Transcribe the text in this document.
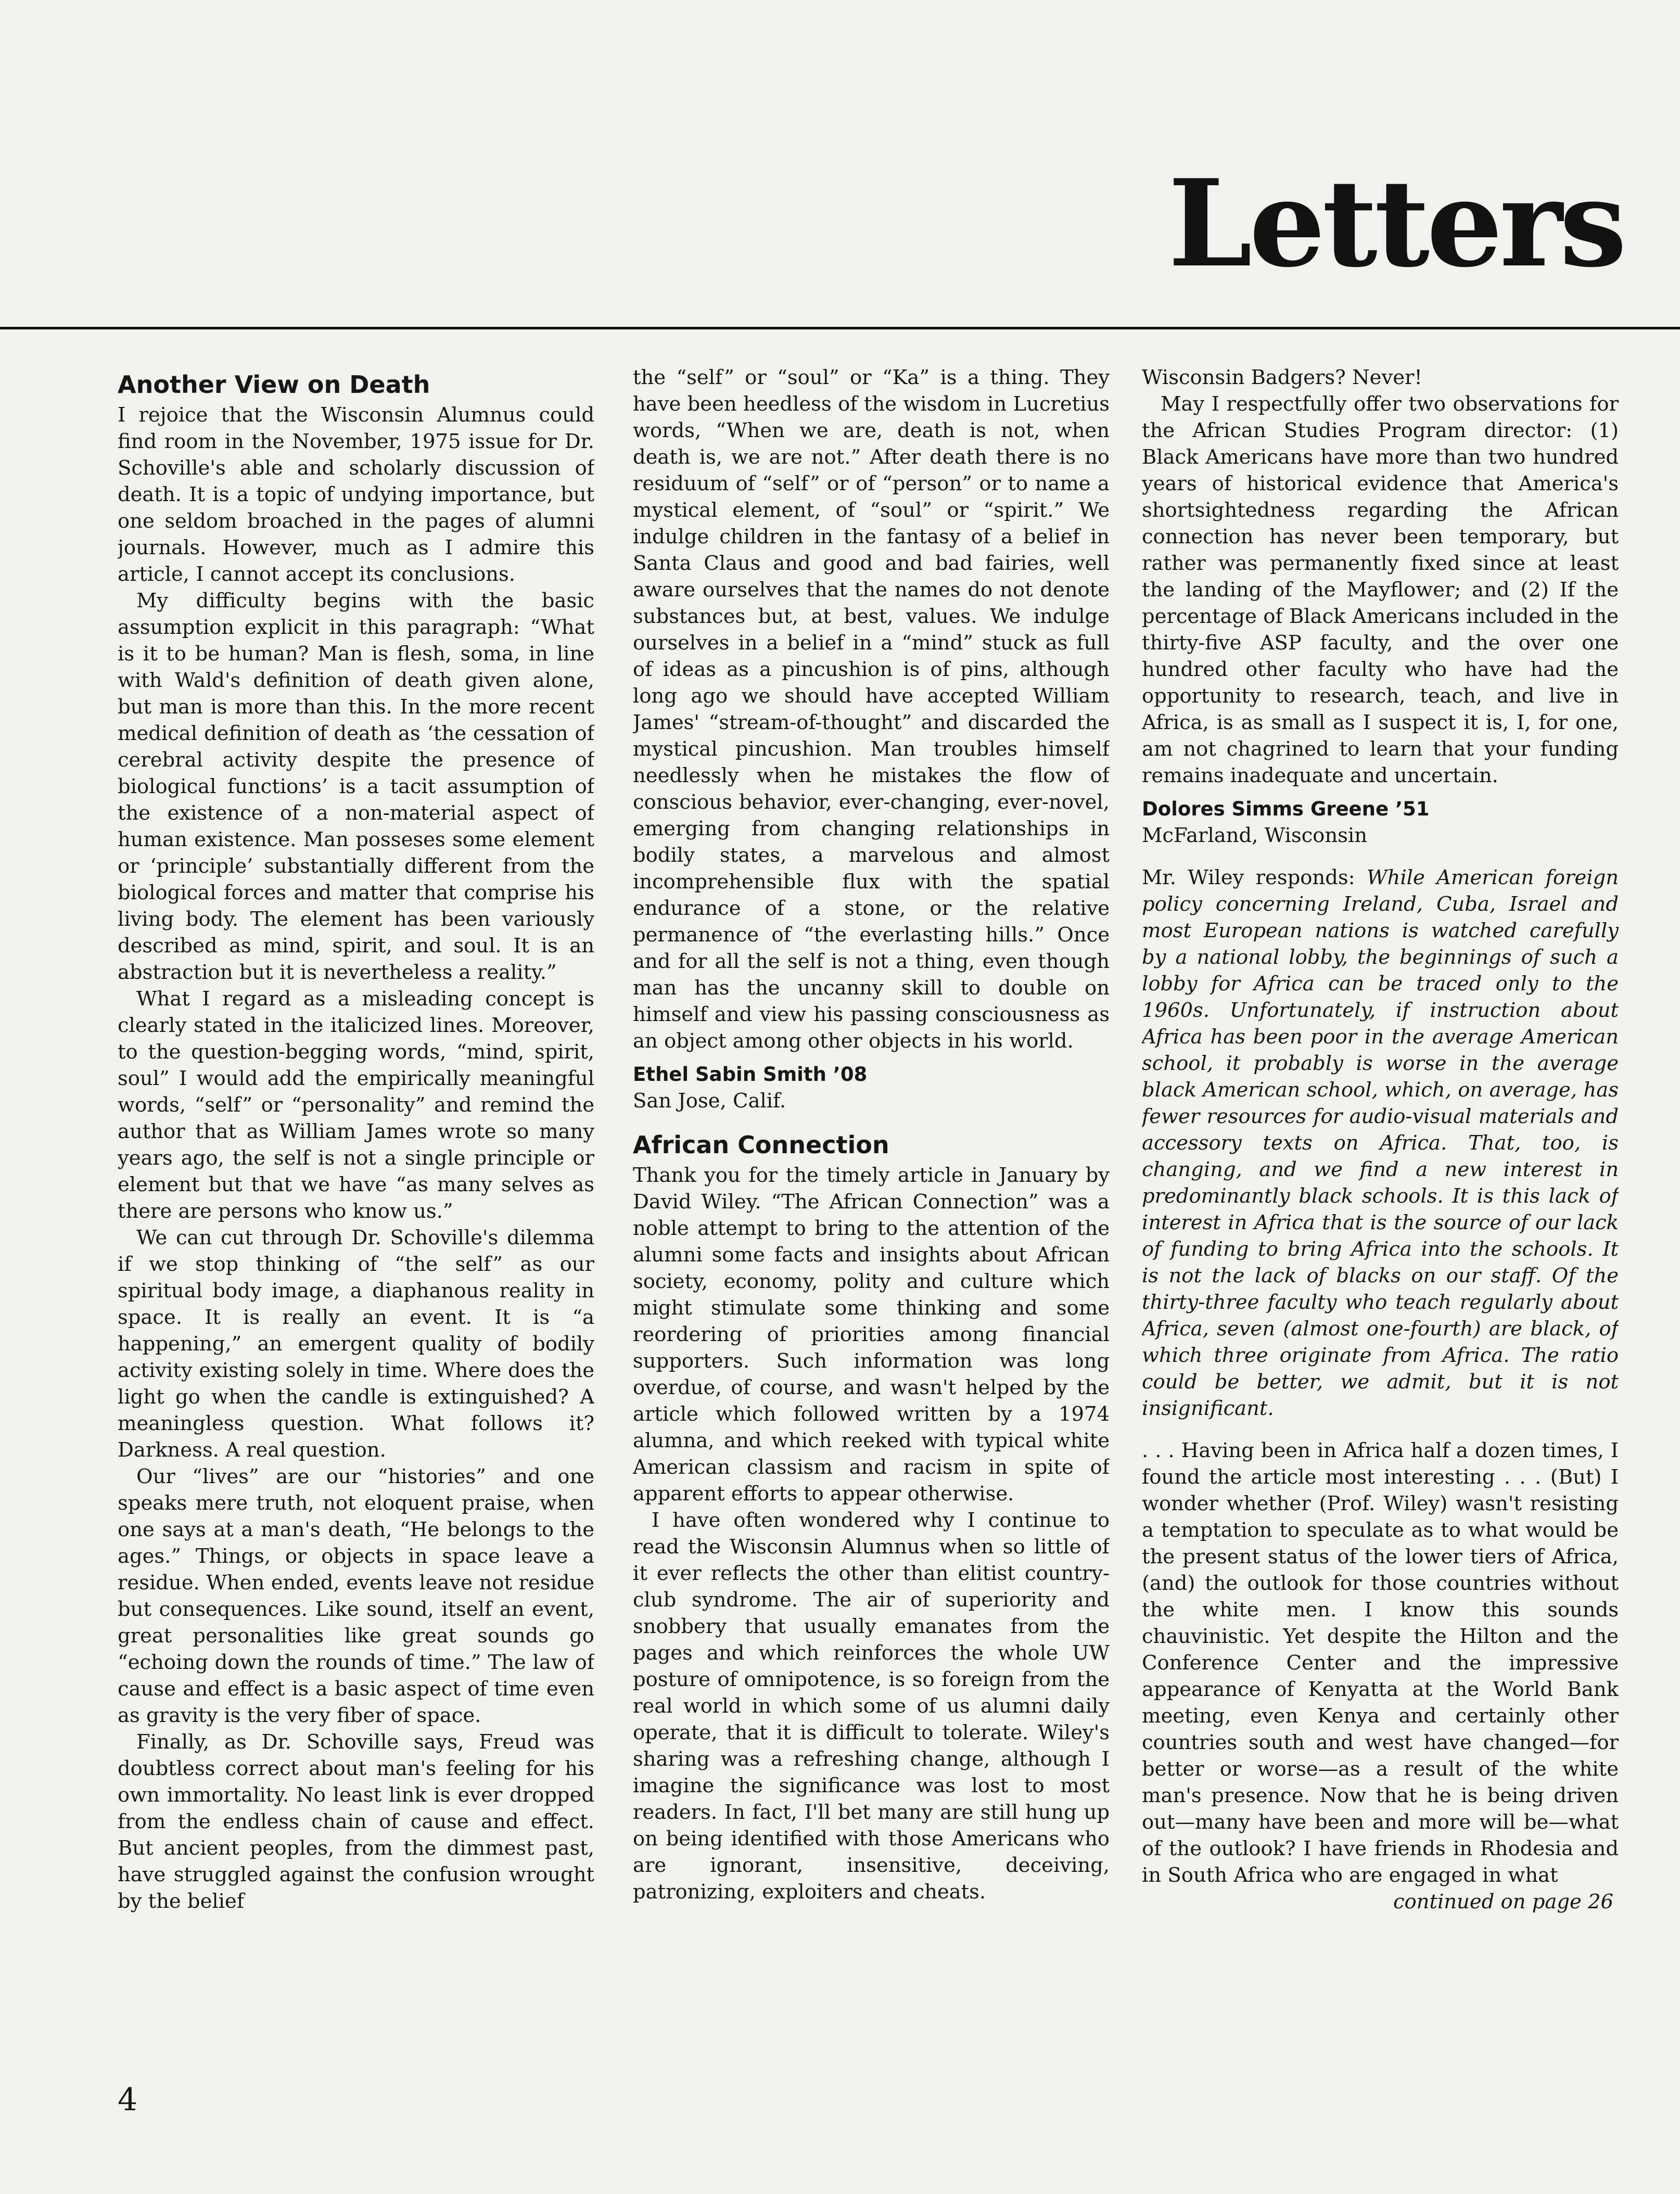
Letters
Another View on Death

I rejoice that the Wisconsin Alumnus could find room in the November, 1975 issue for Dr. Schoville's able and scholarly discussion of death. It is a topic of undying importance, but one seldom broached in the pages of alumni journals. However, much as I admire this article, I cannot accept its conclusions.

My difficulty begins with the basic assumption explicit in this paragraph: “What is it to be human? Man is flesh, soma, in line with Wald's definition of death given alone, but man is more than this. In the more recent medical definition of death as ‘the cessation of cerebral activity despite the presence of biological functions’ is a tacit assumption of the existence of a non-material aspect of human existence. Man posseses some element or ‘principle’ substantially different from the biological forces and matter that comprise his living body. The element has been variously described as mind, spirit, and soul. It is an abstraction but it is nevertheless a reality.”

What I regard as a misleading concept is clearly stated in the italicized lines. Moreover, to the question-begging words, “mind, spirit, soul” I would add the empirically meaningful words, “self” or “personality” and remind the author that as William James wrote so many years ago, the self is not a single principle or element but that we have “as many selves as there are persons who know us.”

We can cut through Dr. Schoville's dilemma if we stop thinking of “the self” as our spiritual body image, a diaphanous reality in space. It is really an event. It is “a happening,” an emergent quality of bodily activity existing solely in time. Where does the light go when the candle is extinguished? A meaningless question. What follows it? Darkness. A real question.

Our “lives” are our “histories” and one speaks mere truth, not eloquent praise, when one says at a man's death, “He belongs to the ages.” Things, or objects in space leave a residue. When ended, events leave not residue but consequences. Like sound, itself an event, great personalities like great sounds go “echoing down the rounds of time.” The law of cause and effect is a basic aspect of time even as gravity is the very fiber of space.

Finally, as Dr. Schoville says, Freud was doubtless correct about man's feeling for his own immortality. No least link is ever dropped from the endless chain of cause and effect. But ancient peoples, from the dimmest past, have struggled against the confusion wrought by the belief

the “self” or “soul” or “Ka” is a thing. They have been heedless of the wisdom in Lucretius words, “When we are, death is not, when death is, we are not.” After death there is no residuum of “self” or of “person” or to name a mystical element, of “soul” or “spirit.” We indulge children in the fantasy of a belief in Santa Claus and good and bad fairies, well aware ourselves that the names do not denote substances but, at best, values. We indulge ourselves in a belief in a “mind” stuck as full of ideas as a pincushion is of pins, although long ago we should have accepted William James' “stream-of-thought” and discarded the mystical pincushion. Man troubles himself needlessly when he mistakes the flow of conscious behavior, ever-changing, ever-novel, emerging from changing relationships in bodily states, a marvelous and almost incomprehensible flux with the spatial endurance of a stone, or the relative permanence of “the everlasting hills.” Once and for all the self is not a thing, even though man has the uncanny skill to double on himself and view his passing consciousness as an object among other objects in his world.

Ethel Sabin Smith ’08

San Jose, Calif.

African Connection

Thank you for the timely article in January by David Wiley. “The African Connection” was a noble attempt to bring to the attention of the alumni some facts and insights about African society, economy, polity and culture which might stimulate some thinking and some reordering of priorities among financial supporters. Such information was long overdue, of course, and wasn't helped by the article which followed written by a 1974 alumna, and which reeked with typical white American classism and racism in spite of apparent efforts to appear otherwise.

I have often wondered why I continue to read the Wisconsin Alumnus when so little of it ever reflects the other than elitist country-club syndrome. The air of superiority and snobbery that usually emanates from the pages and which reinforces the whole UW posture of omnipotence, is so foreign from the real world in which some of us alumni daily operate, that it is difficult to tolerate. Wiley's sharing was a refreshing change, although I imagine the significance was lost to most readers. In fact, I'll bet many are still hung up on being identified with those Americans who are ignorant, insensitive, deceiving, patronizing, exploiters and cheats.

Wisconsin Badgers? Never!

May I respectfully offer two observations for the African Studies Program director: (1) Black Americans have more than two hundred years of historical evidence that America's shortsightedness regarding the African connection has never been temporary, but rather was permanently fixed since at least the landing of the Mayflower; and (2) If the percentage of Black Americans included in the thirty-five ASP faculty, and the over one hundred other faculty who have had the opportunity to research, teach, and live in Africa, is as small as I suspect it is, I, for one, am not chagrined to learn that your funding remains inadequate and uncertain.

Dolores Simms Greene ’51

McFarland, Wisconsin

Mr. Wiley responds: While American foreign policy concerning Ireland, Cuba, Israel and most European nations is watched carefully by a national lobby, the beginnings of such a lobby for Africa can be traced only to the 1960s. Unfortunately, if instruction about Africa has been poor in the average American school, it probably is worse in the average black American school, which, on average, has fewer resources for audio-visual materials and accessory texts on Africa. That, too, is changing, and we find a new interest in predominantly black schools. It is this lack of interest in Africa that is the source of our lack of funding to bring Africa into the schools. It is not the lack of blacks on our staff. Of the thirty-three faculty who teach regularly about Africa, seven (almost one-fourth) are black, of which three originate from Africa. The ratio could be better, we admit, but it is not insignificant.

. . . Having been in Africa half a dozen times, I found the article most interesting . . . (But) I wonder whether (Prof. Wiley) wasn't resisting a temptation to speculate as to what would be the present status of the lower tiers of Africa, (and) the outlook for those countries without the white men. I know this sounds chauvinistic. Yet despite the Hilton and the Conference Center and the impressive appearance of Kenyatta at the World Bank meeting, even Kenya and certainly other countries south and west have changed—for better or worse—as a result of the white man's presence. Now that he is being driven out—many have been and more will be—what of the outlook? I have friends in Rhodesia and in South Africa who are engaged in what

continued on page 26

4
